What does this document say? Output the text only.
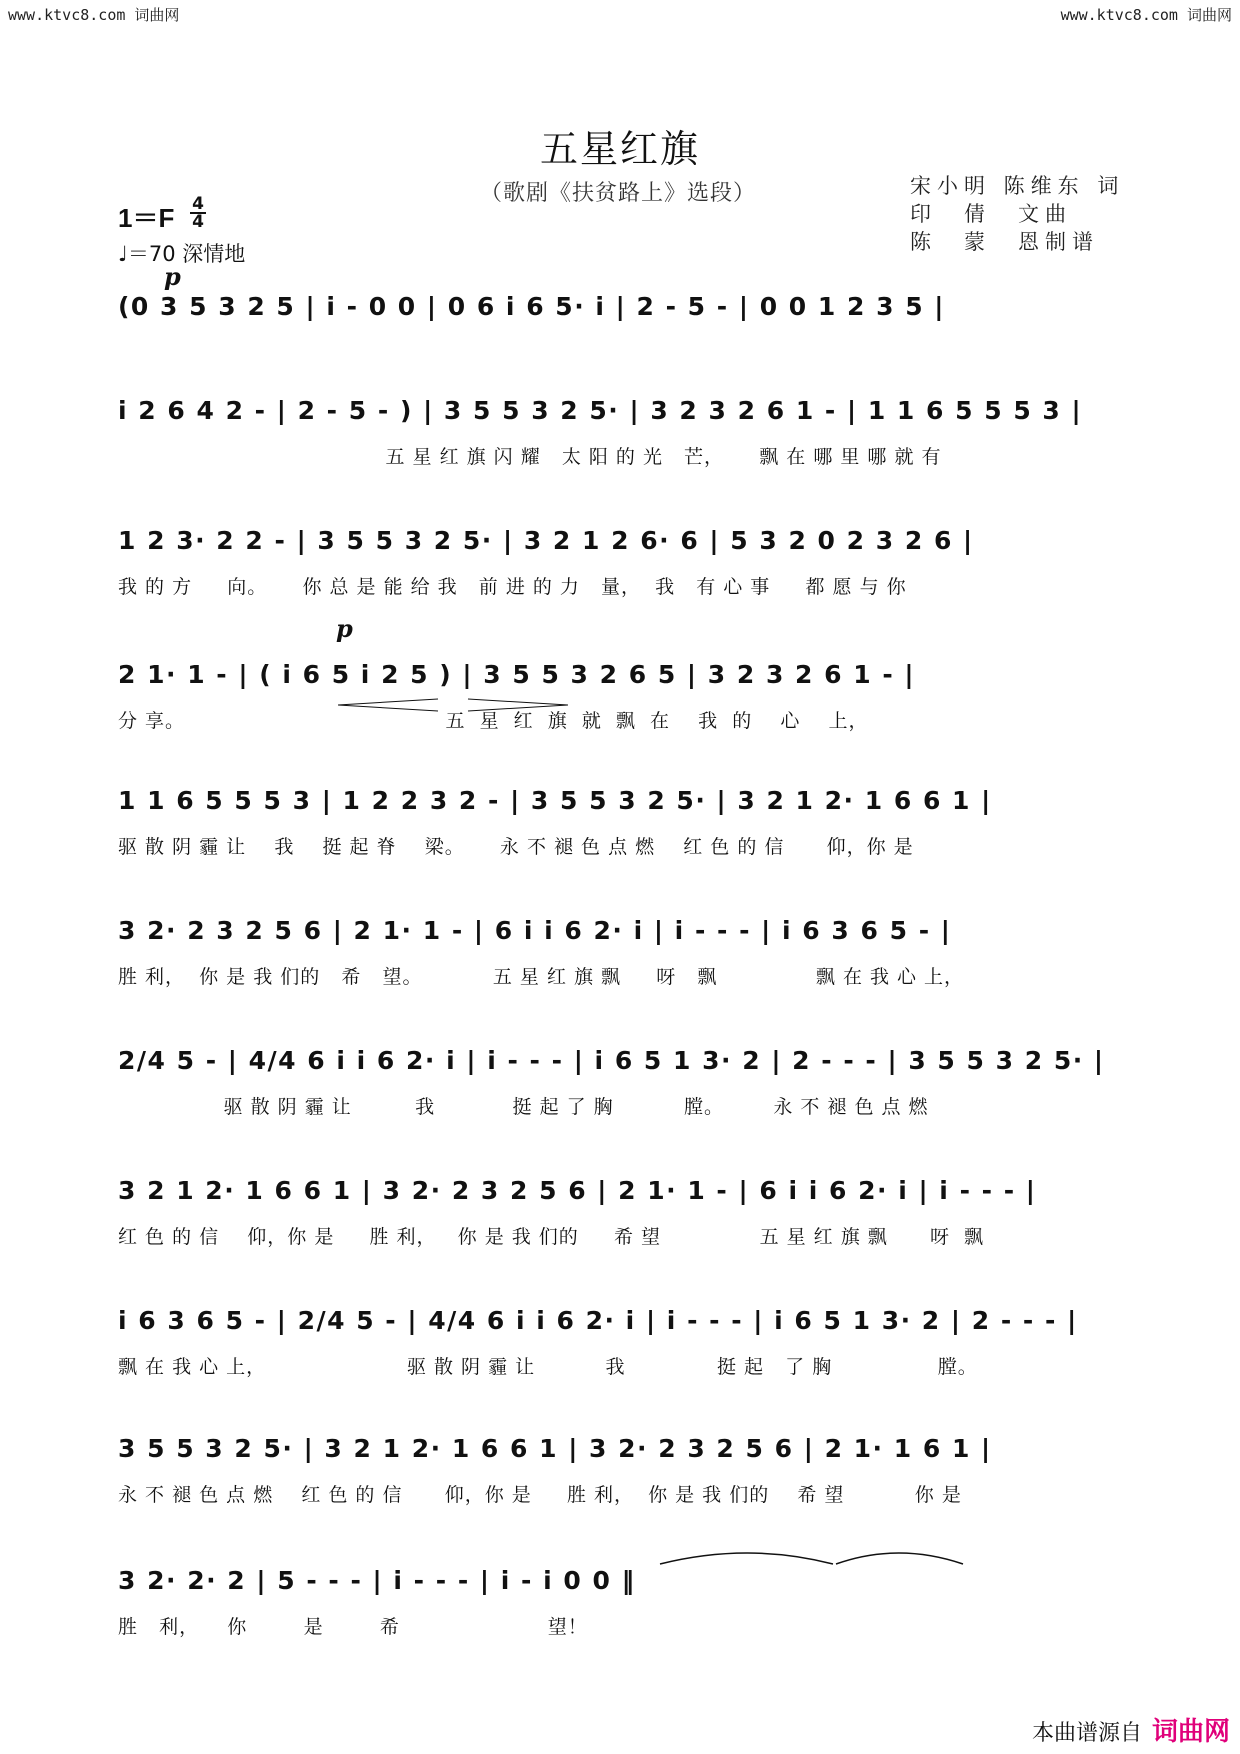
www.ktvc8.com 词曲网	www.ktvc8.com 词曲网
五星红旗
（歌剧《扶贫路上》选段）	宋小明 陈维东 词
印　倩　文曲
陈　蒙　恩制谱
$1=F \frac{4}{4}$
♩＝70 深情地
p
p
(0 3 5 3 2 5 | i - 0 0 | 0 6 i 6 5· i | 2 - 5 - | 0 0 1 2 3 5 |
i 2 6 4 2 - | 2 - 5 - ) | 3 5 5 3 2 5· | 3 2 3 2 6 1 - | 1 1 6 5 5 5 3 |
五 星 红 旗 闪 耀   太 阳 的 光   芒，     飘 在 哪 里 哪 就 有
1 2 3· 2 2 - | 3 5 5 3 2 5· | 3 2 1 2 6· 6 | 5 3 2 0 2 3 2 6 |
我 的 方     向。     你 总 是 能 给 我   前 进 的 力   量，  我   有 心 事     都 愿 与 你
2 1· 1 - | ( i 6 5 i 2 5 ) | 3 5 5 3 2 6 5 | 3 2 3 2 6 1 - |
分 享。                                     五  星  红  旗  就  飘  在    我  的    心    上，
1 1 6 5 5 5 3 | 1 2 2 3 2 - | 3 5 5 3 2 5· | 3 2 1 2· 1 6 6 1 |
驱 散 阴 霾 让    我    挺 起 脊    梁。     永 不 褪 色 点 燃    红 色 的 信      仰，你 是
3 2· 2 3 2 5 6 | 2 1· 1 - | 6 i i 6 2· i | i - - - | i 6 3 6 5 - |
胜 利，  你 是 我 们的   希   望。          五 星 红 旗 飘     呀   飘              飘 在 我 心 上，
2/4 5 - | 4/4 6 i i 6 2· i | i - - - | i 6 5 1 3· 2 | 2 - - - | 3 5 5 3 2 5· |
驱 散 阴 霾 让         我           挺 起 了 胸          膛。       永 不 褪 色 点 燃
3 2 1 2· 1 6 6 1 | 3 2· 2 3 2 5 6 | 2 1· 1 - | 6 i i 6 2· i | i - - - |
红 色 的 信    仰，你 是     胜 利，   你 是 我 们的     希 望              五 星 红 旗 飘      呀  飘
i 6 3 6 5 - | 2/4 5 - | 4/4 6 i i 6 2· i | i - - - | i 6 5 1 3· 2 | 2 - - - |
飘 在 我 心 上，                    驱 散 阴 霾 让          我             挺 起   了 胸               膛。
3 5 5 3 2 5· | 3 2 1 2· 1 6 6 1 | 3 2· 2 3 2 5 6 | 2 1· 1 6 1 |
永 不 褪 色 点 燃    红 色 的 信      仰，你 是     胜 利，  你 是 我 们的    希 望          你 是
3 2· 2· 2 | 5 - - - | i - - - | i - i 0 0 ‖
胜   利，    你        是        希                     望！
本曲谱源自 词曲网
